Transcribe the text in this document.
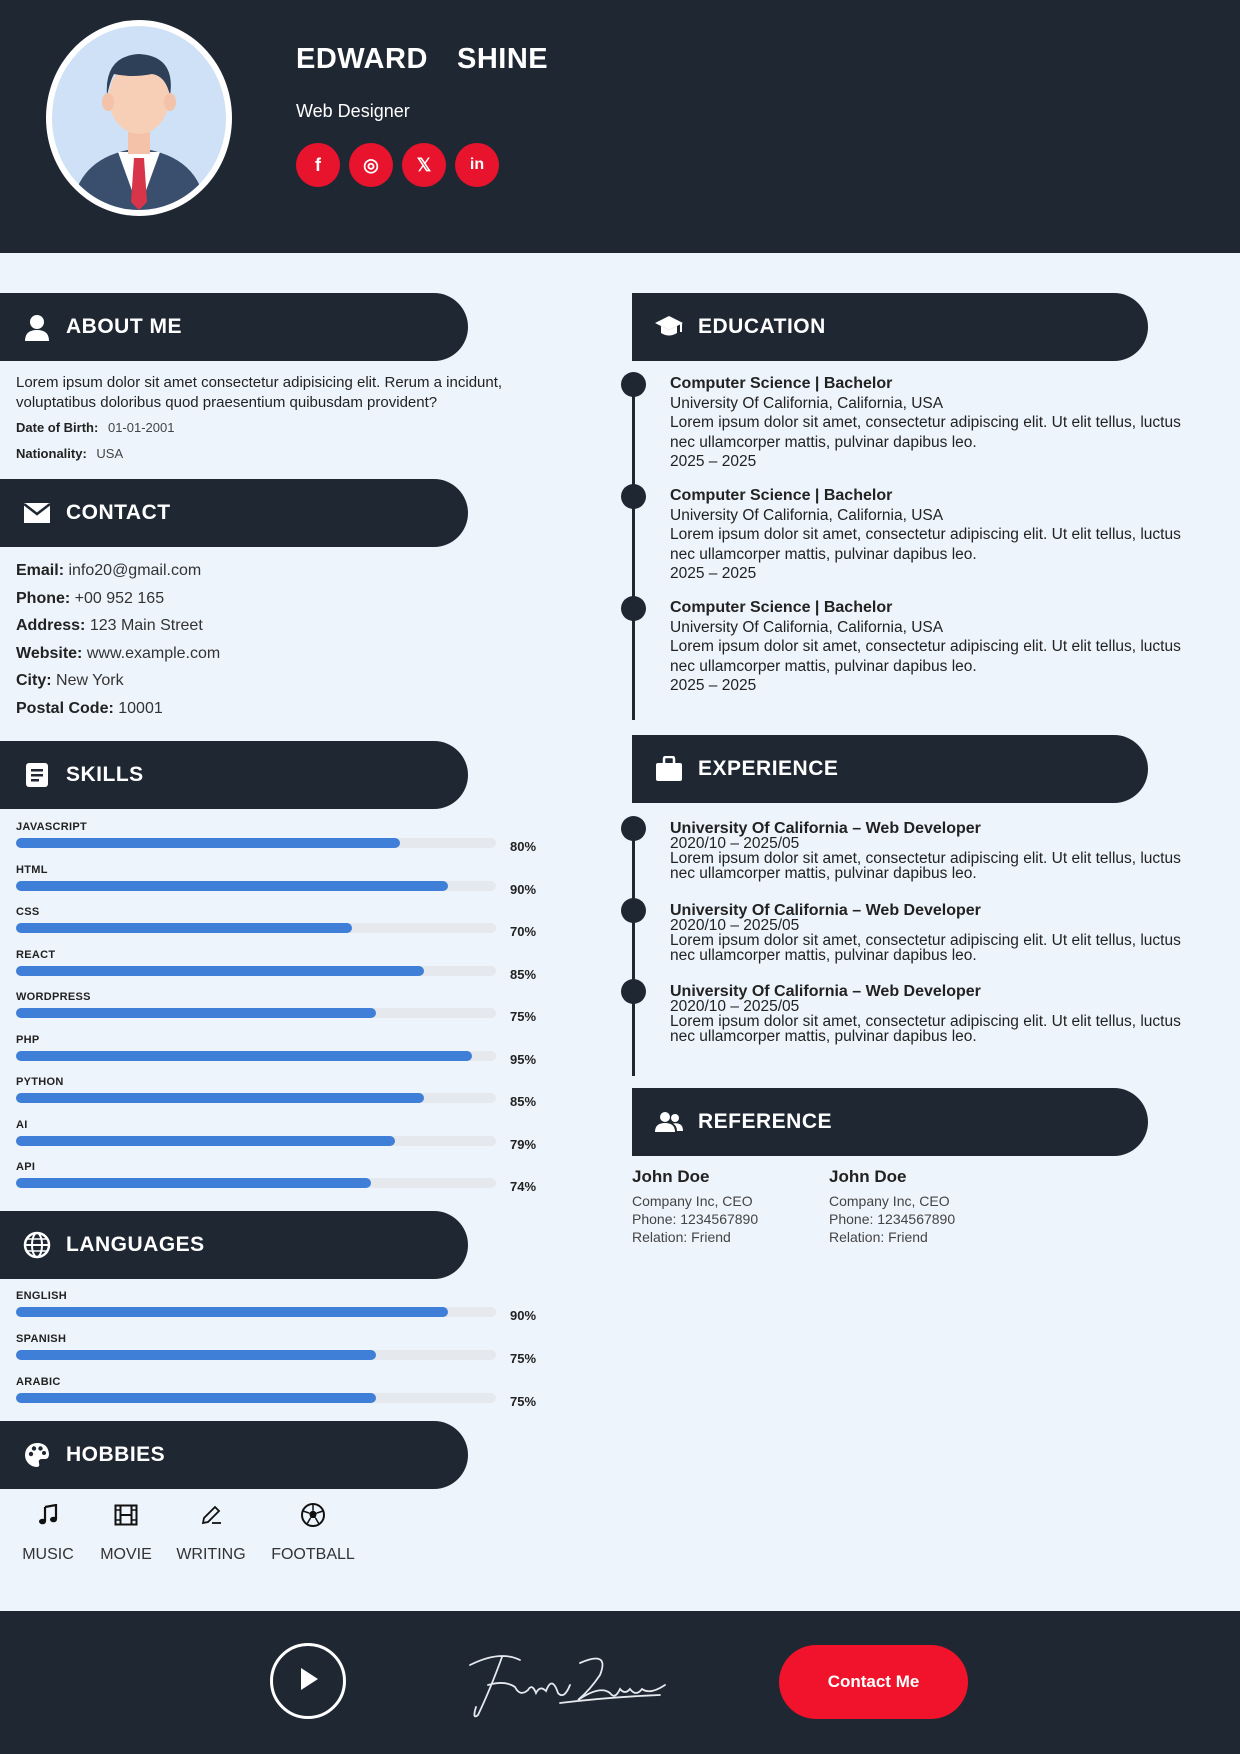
EDWARD  SHINE
Web Designer
f	◎	𝕏	in
ABOUT ME
Lorem ipsum dolor sit amet consectetur adipisicing elit. Rerum a incidunt, voluptatibus doloribus quod praesentium quibusdam provident?
Date of Birth: 01-01-2001
Nationality: USA
CONTACT
Email: info20@gmail.com
Phone: +00 952 165
Address: 123 Main Street
Website: www.example.com
City: New York
Postal Code: 10001
SKILLS
JAVASCRIPT
80%
HTML
90%
CSS
70%
REACT
85%
WORDPRESS
75%
PHP
95%
PYTHON
85%
AI
79%
API
74%
LANGUAGES
ENGLISH
90%
SPANISH
75%
ARABIC
75%
HOBBIES
MUSIC MOVIE WRITING	FOOTBALL
EDUCATION
Computer Science | Bachelor
University Of California, California, USA
Lorem ipsum dolor sit amet, consectetur adipiscing elit. Ut elit tellus, luctus nec ullamcorper mattis, pulvinar dapibus leo.
2025 – 2025
Computer Science | Bachelor
University Of California, California, USA
Lorem ipsum dolor sit amet, consectetur adipiscing elit. Ut elit tellus, luctus nec ullamcorper mattis, pulvinar dapibus leo.
2025 – 2025
Computer Science | Bachelor
University Of California, California, USA
Lorem ipsum dolor sit amet, consectetur adipiscing elit. Ut elit tellus, luctus nec ullamcorper mattis, pulvinar dapibus leo.
2025 – 2025
EXPERIENCE
University Of California – Web Developer
2020/10 – 2025/05
Lorem ipsum dolor sit amet, consectetur adipiscing elit. Ut elit tellus, luctus nec ullamcorper mattis, pulvinar dapibus leo.
University Of California – Web Developer
2020/10 – 2025/05
Lorem ipsum dolor sit amet, consectetur adipiscing elit. Ut elit tellus, luctus nec ullamcorper mattis, pulvinar dapibus leo.
University Of California – Web Developer
2020/10 – 2025/05
Lorem ipsum dolor sit amet, consectetur adipiscing elit. Ut elit tellus, luctus nec ullamcorper mattis, pulvinar dapibus leo.
REFERENCE
John Doe
Company Inc, CEO
Phone: 1234567890
Relation: Friend
John Doe
Company Inc, CEO
Phone: 1234567890
Relation: Friend
Contact Me
